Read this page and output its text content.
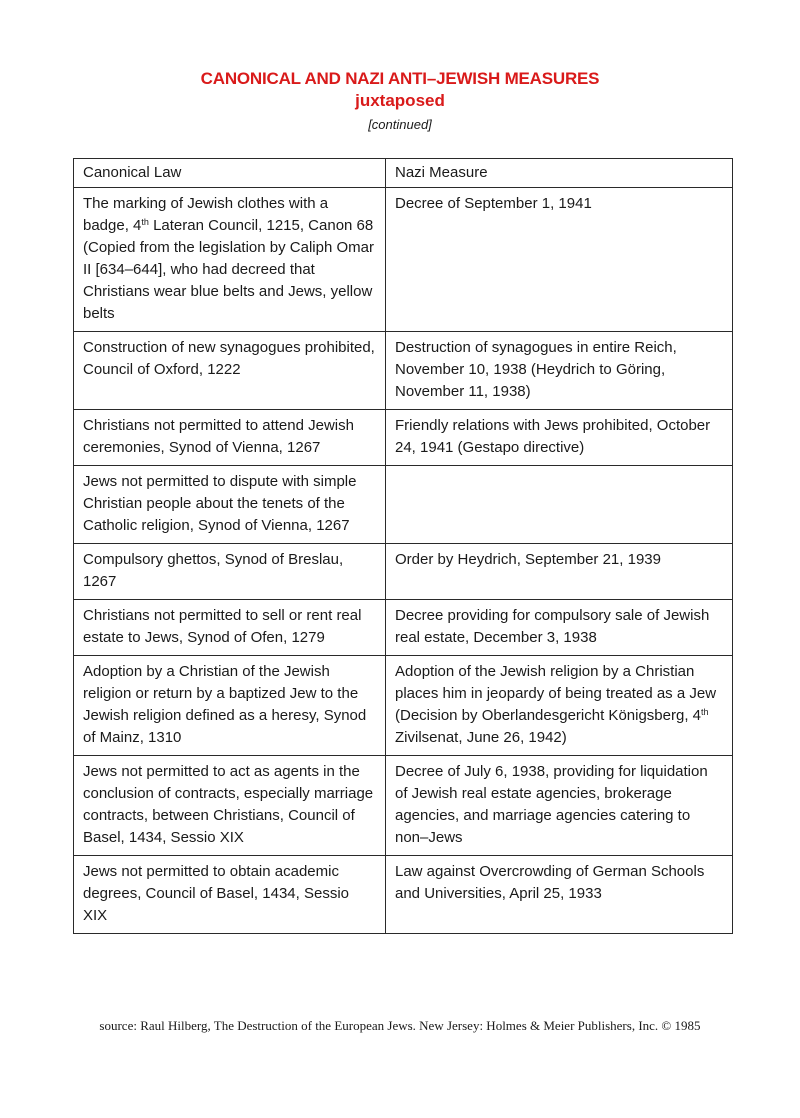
CANONICAL AND NAZI ANTI–JEWISH MEASURES
juxtaposed
[continued]
Canonical Law	Nazi Measure
The marking of Jewish clothes with a badge, 4th Lateran Council, 1215, Canon 68 (Copied from the legislation by Caliph Omar II [634–644], who had decreed that Christians wear blue belts and Jews, yellow belts	Decree of September 1, 1941
Construction of new synagogues prohibited, Council of Oxford, 1222	Destruction of synagogues in entire Reich, November 10, 1938 (Heydrich to Göring, November 11, 1938)
Christians not permitted to attend Jewish ceremonies, Synod of Vienna, 1267	Friendly relations with Jews prohibited, October 24, 1941 (Gestapo directive)
Jews not permitted to dispute with simple Christian people about the tenets of the Catholic religion, Synod of Vienna, 1267	
Compulsory ghettos, Synod of Breslau, 1267	Order by Heydrich, September 21, 1939
Christians not permitted to sell or rent real estate to Jews, Synod of Ofen, 1279	Decree providing for compulsory sale of Jewish real estate, December 3, 1938
Adoption by a Christian of the Jewish religion or return by a baptized Jew to the Jewish religion defined as a heresy, Synod of Mainz, 1310	Adoption of the Jewish religion by a Christian places him in jeopardy of being treated as a Jew (Decision by Oberlandesgericht Königsberg, 4th Zivilsenat, June 26, 1942)
Jews not permitted to act as agents in the conclusion of contracts, especially marriage contracts, between Christians, Council of Basel, 1434, Sessio XIX	Decree of July 6, 1938, providing for liquidation of Jewish real estate agencies, brokerage agencies, and marriage agencies catering to non–Jews
Jews not permitted to obtain academic degrees, Council of Basel, 1434, Sessio XIX	Law against Overcrowding of German Schools and Universities, April 25, 1933
source: Raul Hilberg, The Destruction of the European Jews. New Jersey: Holmes & Meier Publishers, Inc. © 1985
